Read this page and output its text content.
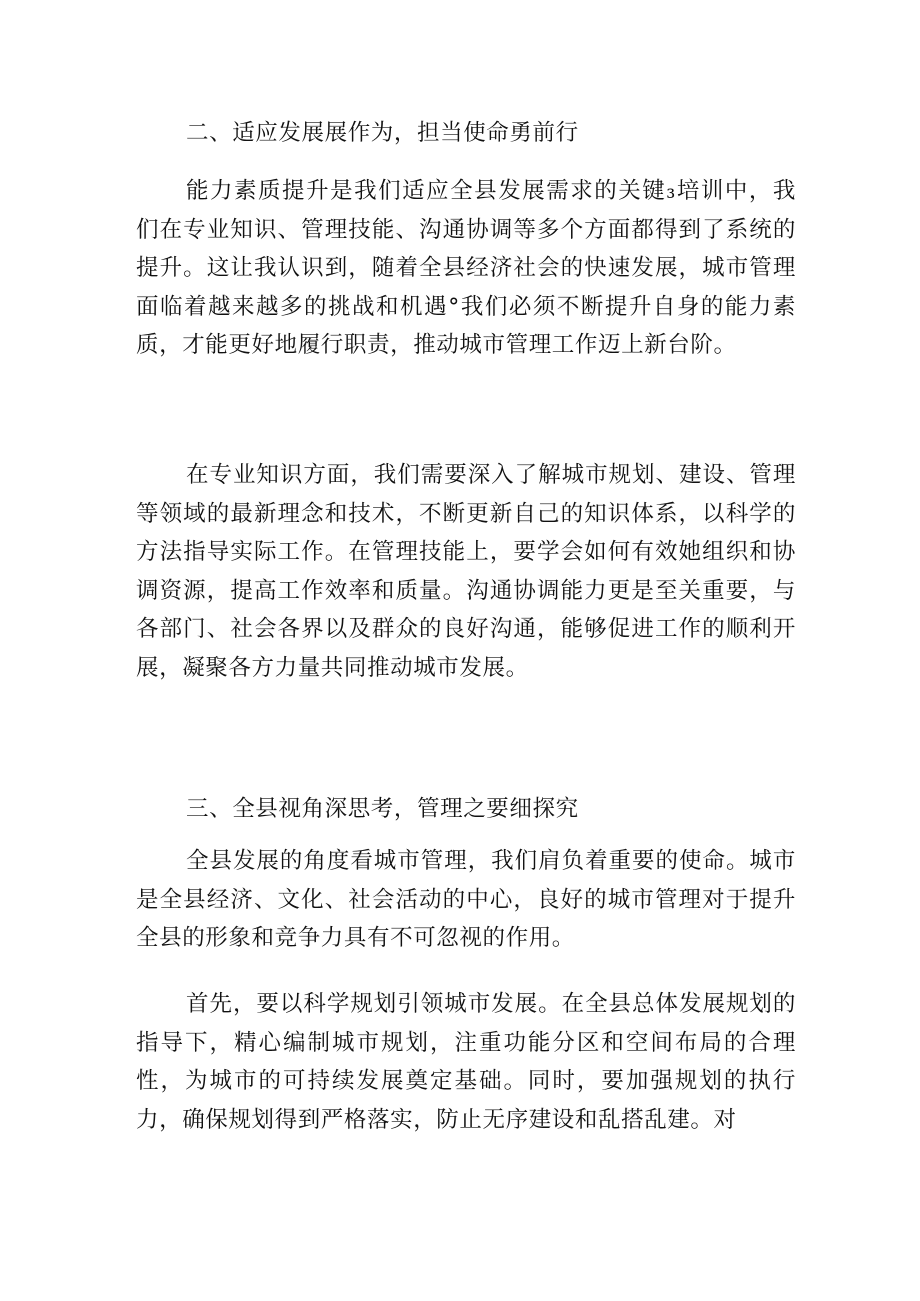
二、适应发展展作为，担当使命勇前行
能力素质提升是我们适应全县发展需求的关键₃培训中，我们在专业知识、管理技能、沟通协调等多个方面都得到了系统的提升。这让我认识到，随着全县经济社会的快速发展，城市管理面临着越来越多的挑战和机遇°我们必须不断提升自身的能力素质，才能更好地履行职责，推动城市管理工作迈上新台阶。
在专业知识方面，我们需要深入了解城市规划、建设、管理等领域的最新理念和技术，不断更新自己的知识体系，以科学的方法指导实际工作。在管理技能上，要学会如何有效她组织和协调资源，提高工作效率和质量。沟通协调能力更是至关重要，与各部门、社会各界以及群众的良好沟通，能够促进工作的顺利开展，凝聚各方力量共同推动城市发展。
三、全县视角深思考，管理之要细探究
全县发展的角度看城市管理，我们肩负着重要的使命。城市是全县经济、文化、社会活动的中心，良好的城市管理对于提升全县的形象和竞争力具有不可忽视的作用。
首先，要以科学规划引领城市发展。在全县总体发展规划的指导下，精心编制城市规划，注重功能分区和空间布局的合理性，为城市的可持续发展奠定基础。同时，要加强规划的执行力，确保规划得到严格落实，防止无序建设和乱搭乱建。对
